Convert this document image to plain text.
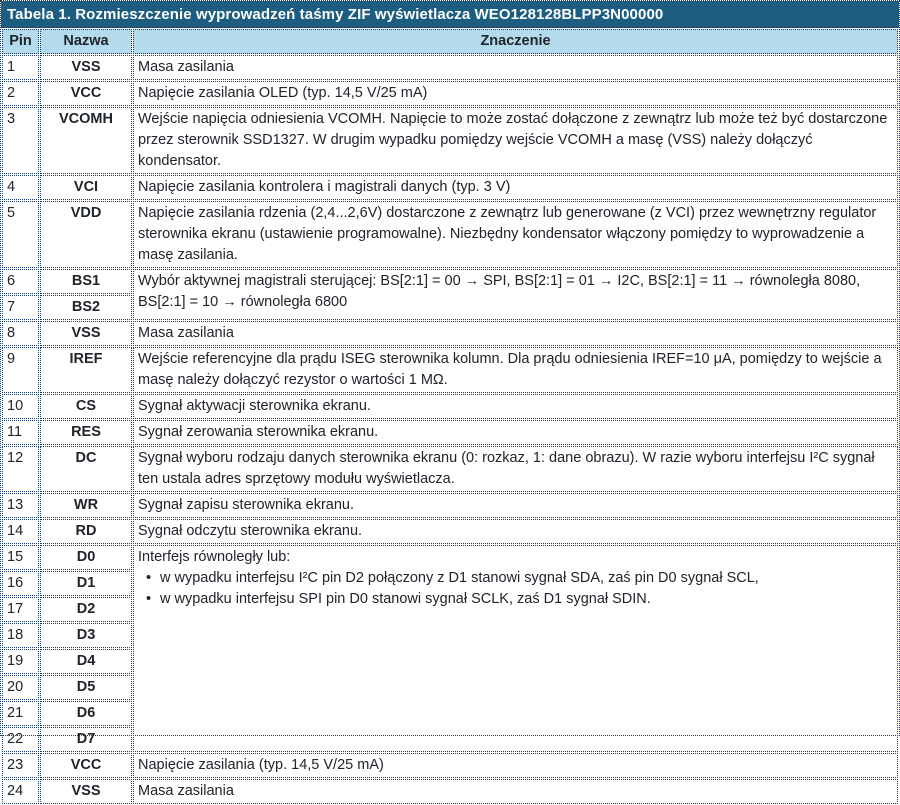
Tabela 1. Rozmieszczenie wyprowadzeń taśmy ZIF wyświetlacza WEO128128BLPP3N00000
Pin	Nazwa	Znaczenie
1	VSS	Masa zasilania

2	VCC	Napięcie zasilania OLED (typ. 14,5 V/25 mA)

3	VCOMH	Wejście napięcia odniesienia VCOMH. Napięcie to może zostać dołączone z zewnątrz lub może też być dostarczone przez sterownik SSD1327. W drugim wypadku pomiędzy wejście VCOMH a masę (VSS) należy dołączyć kondensator.

4	VCI	Napięcie zasilania kontrolera i magistrali danych (typ. 3 V)

5	VDD	Napięcie zasilania rdzenia (2,4...2,6V) dostarczone z zewnątrz lub generowane (z VCI) przez wewnętrzny regulator sterownika ekranu (ustawienie programowalne). Niezbędny kondensator włączony pomiędzy to wyprowadzenie a masę zasilania.

6	BS1	Wybór aktywnej magistrali sterującej: BS[2:1] = 00 → SPI, BS[2:1] = 01 → I2C, BS[2:1] = 11 → równoległa 8080, BS[2:1] = 10 → równoległa 6800

7	BS2	
8	VSS	Masa zasilania

9	IREF	Wejście referencyjne dla prądu ISEG sterownika kolumn. Dla prądu odniesienia IREF=10 μA, pomiędzy to wejście a masę należy dołączyć rezystor o wartości 1 MΩ.

10	CS	Sygnał aktywacji sterownika ekranu.

11	RES	Sygnał zerowania sterownika ekranu.

12	DC	Sygnał wyboru rodzaju danych sterownika ekranu (0: rozkaz, 1: dane obrazu). W razie wyboru interfejsu I²C sygnał ten ustala adres sprzętowy modułu wyświetlacza.

13	WR	Sygnał zapisu sterownika ekranu.

14	RD	Sygnał odczytu sterownika ekranu.

15	D0	Interfejs równoległy lub:
• w wypadku interfejsu I²C pin D2 połączony z D1 stanowi sygnał SDA, zaś pin D0 sygnał SCL,
• w wypadku interfejsu SPI pin D0 stanowi sygnał SCLK, zaś D1 sygnał SDIN.

16	D1	
17	D2	
18	D3	
19	D4	
20	D5	
21	D6	
22	D7	
23	VCC	Napięcie zasilania (typ. 14,5 V/25 mA)

24	VSS	Masa zasilania
